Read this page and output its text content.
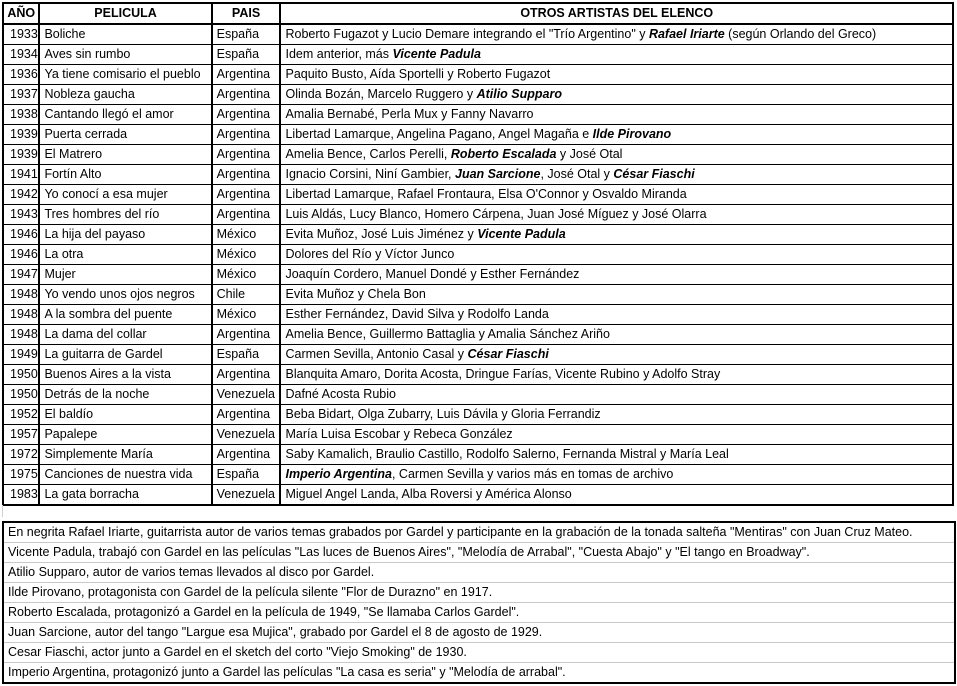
AÑO	PELICULA	PAIS	OTROS ARTISTAS DEL ELENCO
1933	Boliche	España	Roberto Fugazot y Lucio Demare integrando el "Trío Argentino" y Rafael Iriarte (según Orlando del Greco)
1934	Aves sin rumbo	España	Idem anterior, más Vicente Padula
1936	Ya tiene comisario el pueblo	Argentina	Paquito Busto, Aída Sportelli y Roberto Fugazot
1937	Nobleza gaucha	Argentina	Olinda Bozán, Marcelo Ruggero y Atilio Supparo
1938	Cantando llegó el amor	Argentina	Amalia Bernabé, Perla Mux y Fanny Navarro
1939	Puerta cerrada	Argentina	Libertad Lamarque, Angelina Pagano, Angel Magaña e Ilde Pirovano
1939	El Matrero	Argentina	Amelia Bence, Carlos Perelli, Roberto Escalada y José Otal
1941	Fortín Alto	Argentina	Ignacio Corsini, Niní Gambier, Juan Sarcione, José Otal y César Fiaschi
1942	Yo conocí a esa mujer	Argentina	Libertad Lamarque, Rafael Frontaura, Elsa O'Connor y Osvaldo Miranda
1943	Tres hombres del río	Argentina	Luis Aldás, Lucy Blanco, Homero Cárpena, Juan José Míguez y José Olarra
1946	La hija del payaso	México	Evita Muñoz, José Luis Jiménez y Vicente Padula
1946	La otra	México	Dolores del Río y Víctor Junco
1947	Mujer	México	Joaquín Cordero, Manuel Dondé y Esther Fernández
1948	Yo vendo unos ojos negros	Chile	Evita Muñoz y Chela Bon
1948	A la sombra del puente	México	Esther Fernández, David Silva y Rodolfo Landa
1948	La dama del collar	Argentina	Amelia Bence, Guillermo Battaglia y Amalia Sánchez Ariño
1949	La guitarra de Gardel	España	Carmen Sevilla, Antonio Casal y César Fiaschi
1950	Buenos Aires a la vista	Argentina	Blanquita Amaro, Dorita Acosta, Dringue Farías, Vicente Rubino y Adolfo Stray
1950	Detrás de la noche	Venezuela	Dafné Acosta Rubio
1952	El baldío	Argentina	Beba Bidart, Olga Zubarry, Luis Dávila y Gloria Ferrandiz
1957	Papalepe	Venezuela	María Luisa Escobar y Rebeca González
1972	Simplemente María	Argentina	Saby Kamalich, Braulio Castillo, Rodolfo Salerno, Fernanda Mistral y María Leal
1975	Canciones de nuestra vida	España	Imperio Argentina, Carmen Sevilla y varios más en tomas de archivo
1983	La gata borracha	Venezuela	Miguel Angel Landa, Alba Roversi y América Alonso
En negrita Rafael Iriarte, guitarrista autor de varios temas grabados por Gardel y participante en la grabación de la tonada salteña "Mentiras" con Juan Cruz Mateo.
Vicente Padula, trabajó con Gardel en las películas "Las luces de Buenos Aires", "Melodía de Arrabal", "Cuesta Abajo" y "El tango en Broadway".
Atilio Supparo, autor de varios temas llevados al disco por Gardel.
Ilde Pirovano, protagonista con Gardel de la película silente "Flor de Durazno" en 1917.
Roberto Escalada, protagonizó a Gardel en la película de 1949, "Se llamaba Carlos Gardel".
Juan Sarcione, autor del tango "Largue esa Mujica", grabado por Gardel el 8 de agosto de 1929.
Cesar Fiaschi, actor junto a Gardel en el sketch del corto "Viejo Smoking" de 1930.
Imperio Argentina, protagonizó junto a Gardel las películas "La casa es seria" y "Melodía de arrabal".
